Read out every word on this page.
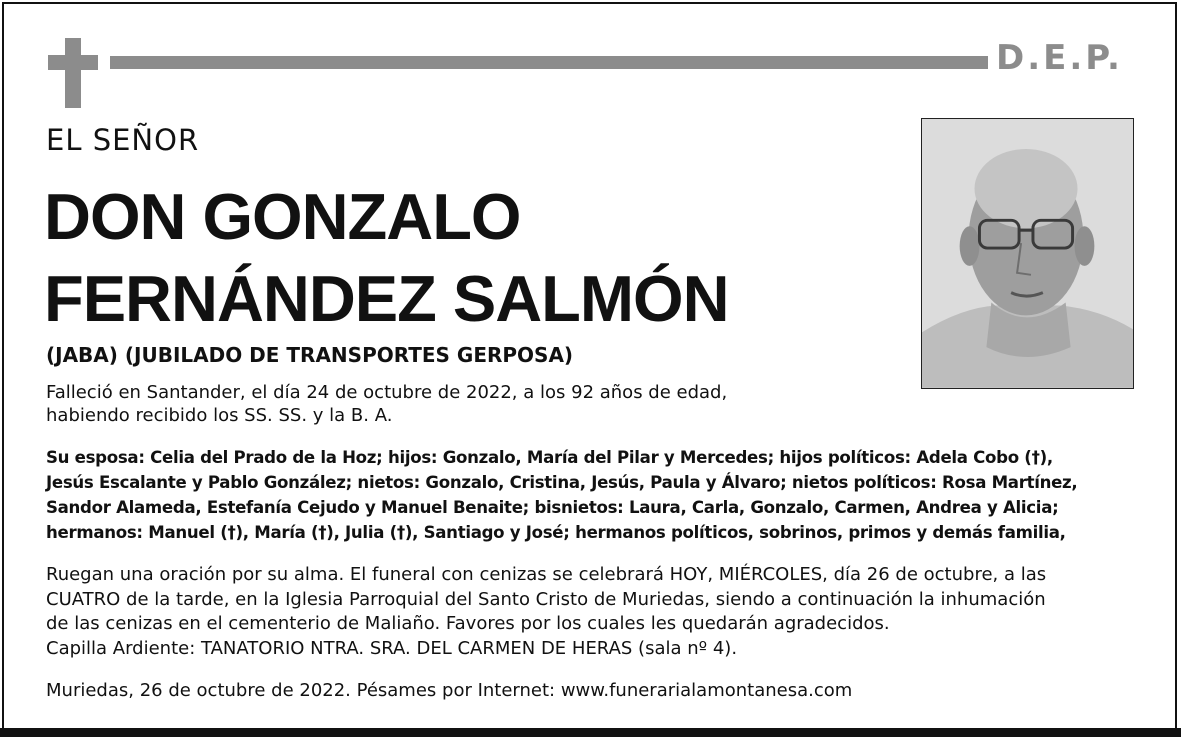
D.E.P.
EL SEÑOR
DON GONZALO
FERNÁNDEZ SALMÓN
(JABA) (JUBILADO DE TRANSPORTES GERPOSA)
Falleció en Santander, el día 24 de octubre de 2022, a los 92 años de edad,
habiendo recibido los SS. SS. y la B. A.
Su esposa: Celia del Prado de la Hoz; hijos: Gonzalo, María del Pilar y Mercedes; hijos políticos: Adela Cobo (†),
Jesús Escalante y Pablo González; nietos: Gonzalo, Cristina, Jesús, Paula y Álvaro; nietos políticos: Rosa Martínez,
Sandor Alameda, Estefanía Cejudo y Manuel Benaite; bisnietos: Laura, Carla, Gonzalo, Carmen, Andrea y Alicia;
hermanos: Manuel (†), María (†), Julia (†), Santiago y José; hermanos políticos, sobrinos, primos y demás familia,
Ruegan una oración por su alma. El funeral con cenizas se celebrará HOY, MIÉRCOLES, día 26 de octubre, a las
CUATRO de la tarde, en la Iglesia Parroquial del Santo Cristo de Muriedas, siendo a continuación la inhumación
de las cenizas en el cementerio de Maliaño. Favores por los cuales les quedarán agradecidos.
Capilla Ardiente: TANATORIO NTRA. SRA. DEL CARMEN DE HERAS (sala nº 4).
Muriedas, 26 de octubre de 2022. Pésames por Internet: www.funerarialamontanesa.com
